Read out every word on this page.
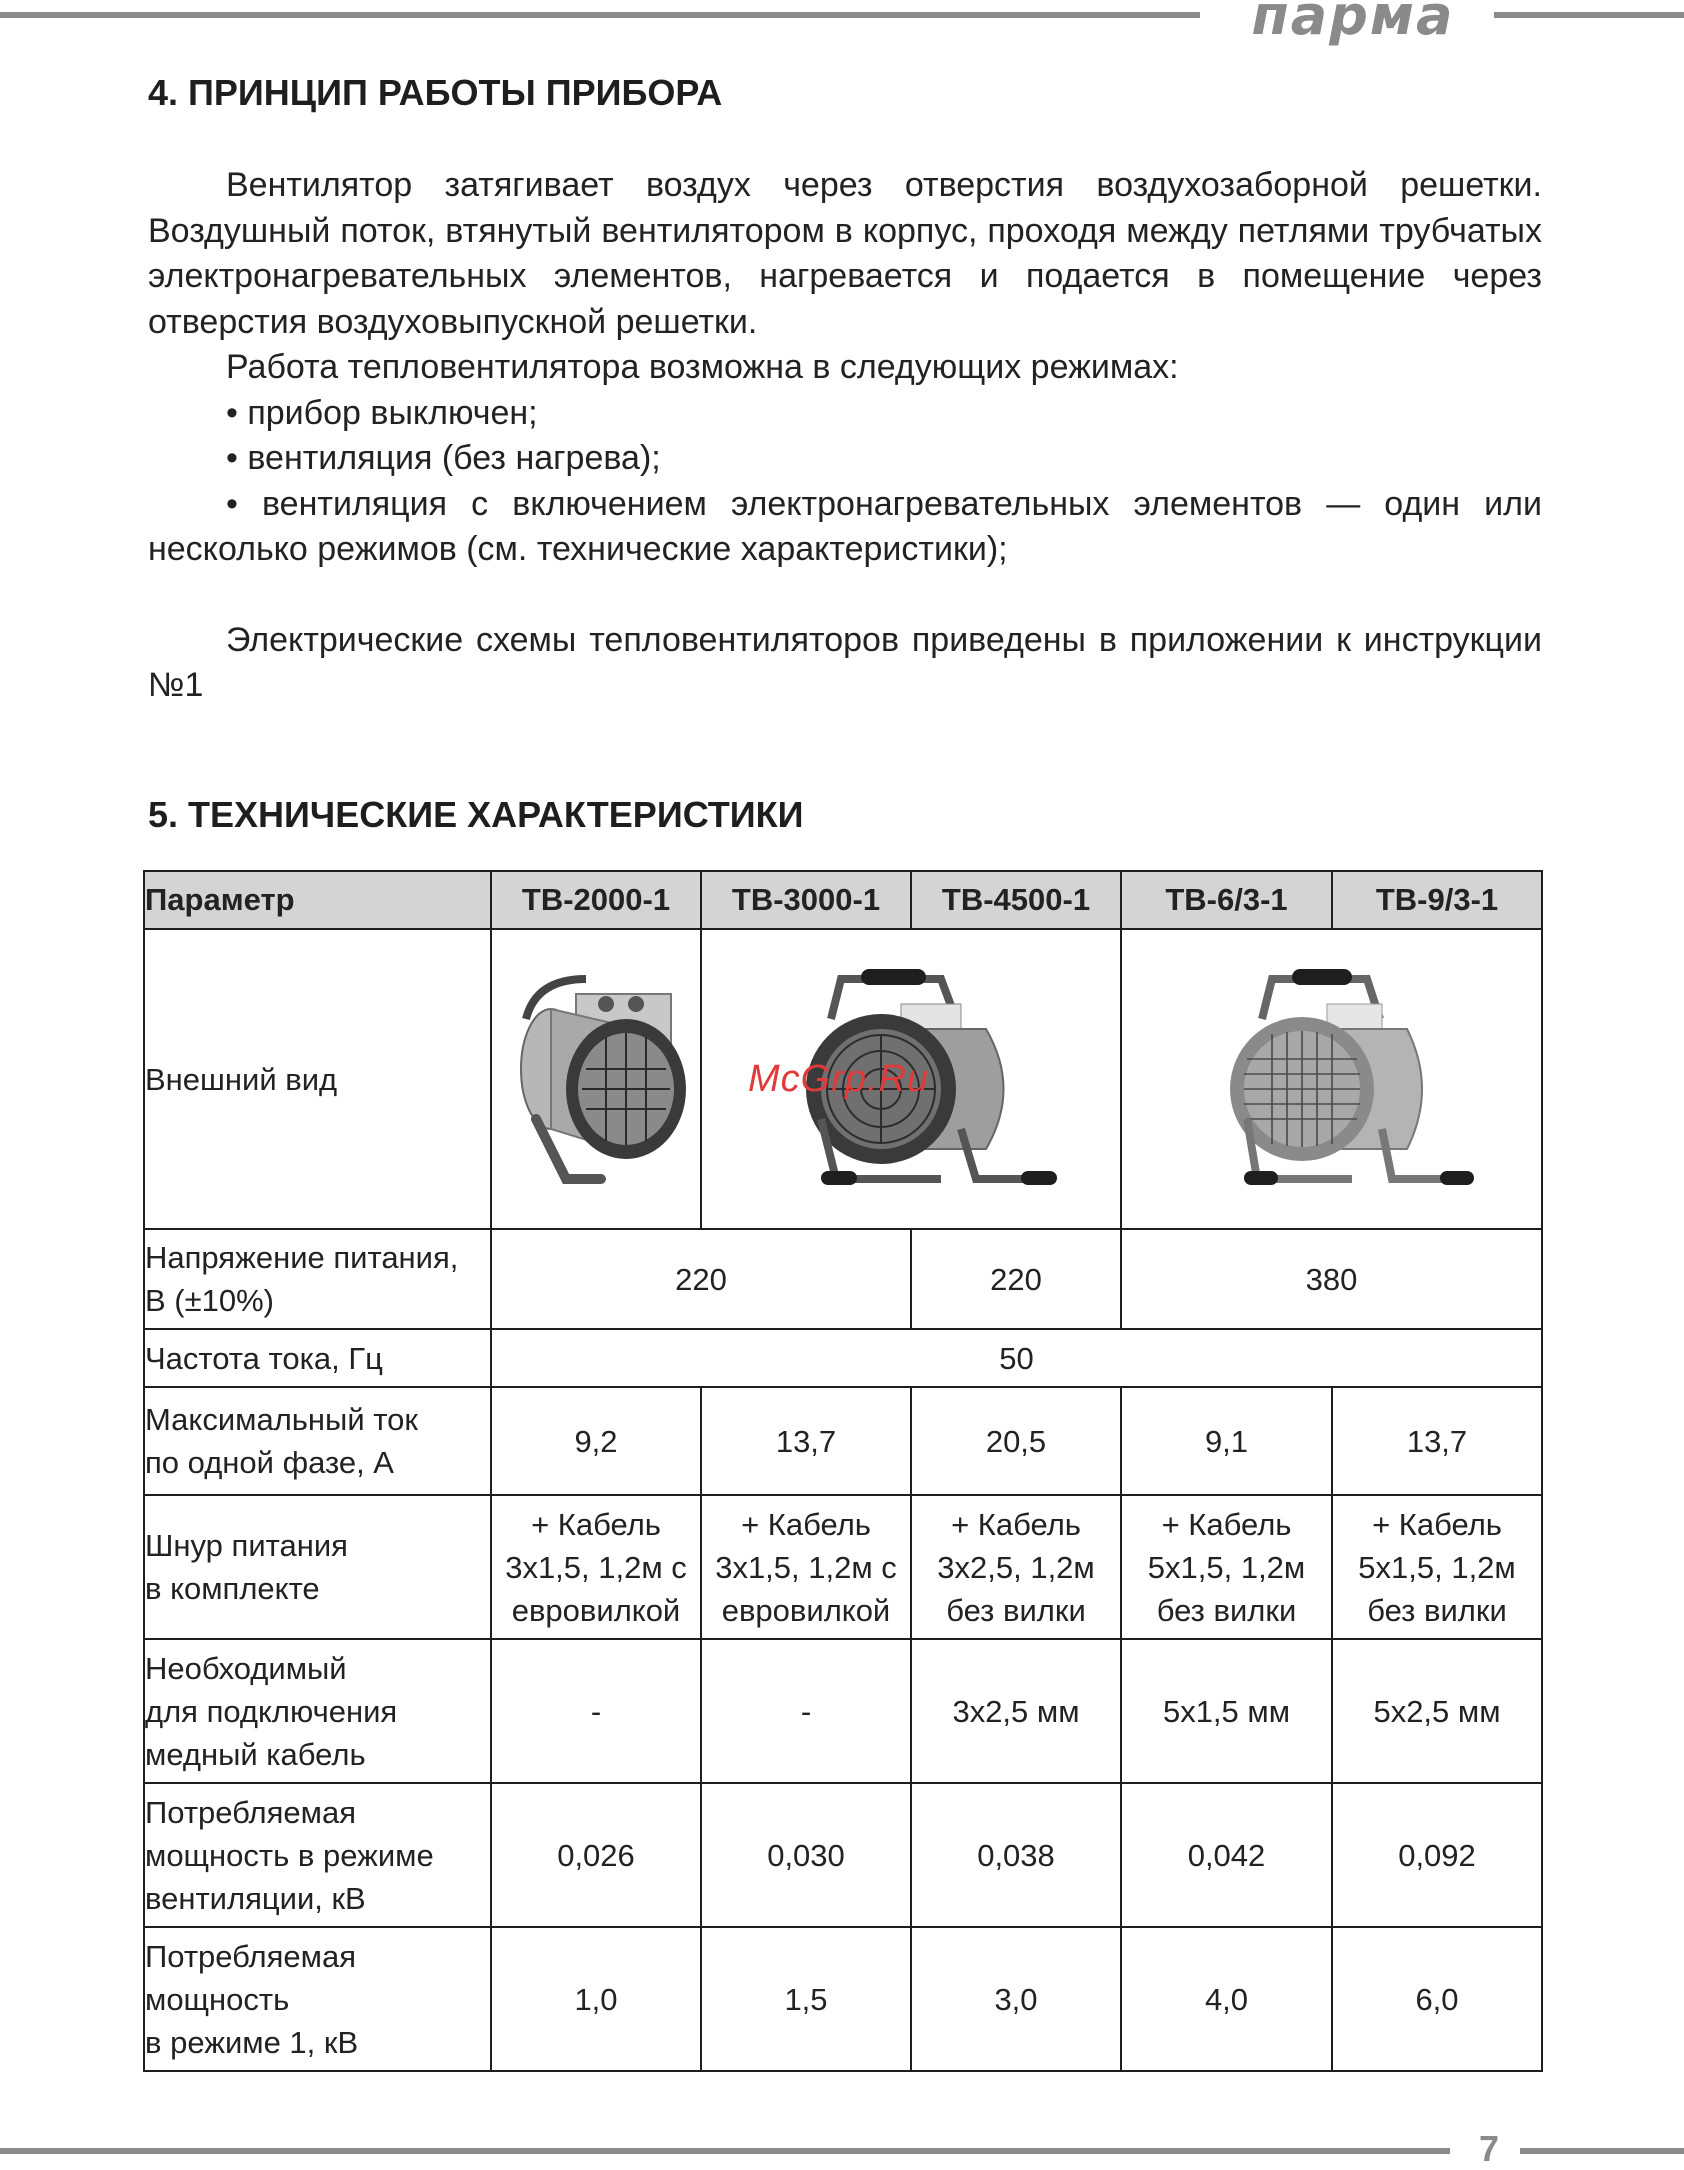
парма
4. ПРИНЦИП РАБОТЫ ПРИБОРА

Вентилятор затягивает воздух через отверстия воздухозаборной решетки. Воздушный поток, втянутый вентилятором в корпус, проходя между петлями трубчатых электронагревательных элементов, нагревается и подается в помещение через отверстия воздуховыпускной решетки.

Работа тепловентилятора возможна в следующих режимах:

• прибор выключен;

• вентиляция (без нагрева);

• вентиляция с включением электронагревательных элементов — один или несколько режимов (см. технические характеристики);

Электрические схемы тепловентиляторов приведены в приложении к инструкции №1

5. ТЕХНИЧЕСКИЕ ХАРАКТЕРИСТИКИ
Параметр	ТВ-2000-1	ТВ-3000-1	ТВ-4500-1	ТВ-6/3-1	ТВ-9/3-1
Внешний вид	

Напряжение питания,
В (±10%)	220		220	380	
Частота тока, Гц	50				
Максимальный ток
по одной фазе, А	9,2	13,7	20,5	9,1	13,7
Шнур питания
в комплекте	+ Кабель
3х1,5, 1,2м с
евровилкой	+ Кабель
3х1,5, 1,2м с
евровилкой	+ Кабель
3х2,5, 1,2м
без вилки	+ Кабель
5х1,5, 1,2м
без вилки	+ Кабель
5х1,5, 1,2м
без вилки
Необходимый
для подключения
медный кабель	-	-	3х2,5 мм	5х1,5 мм	5х2,5 мм
Потребляемая
мощность в режиме
вентиляции, кВ	0,026	0,030	0,038	0,042	0,092
Потребляемая
мощность
в режиме 1, кВ	1,0	1,5	3,0	4,0	6,0
McGrp.Ru
7
